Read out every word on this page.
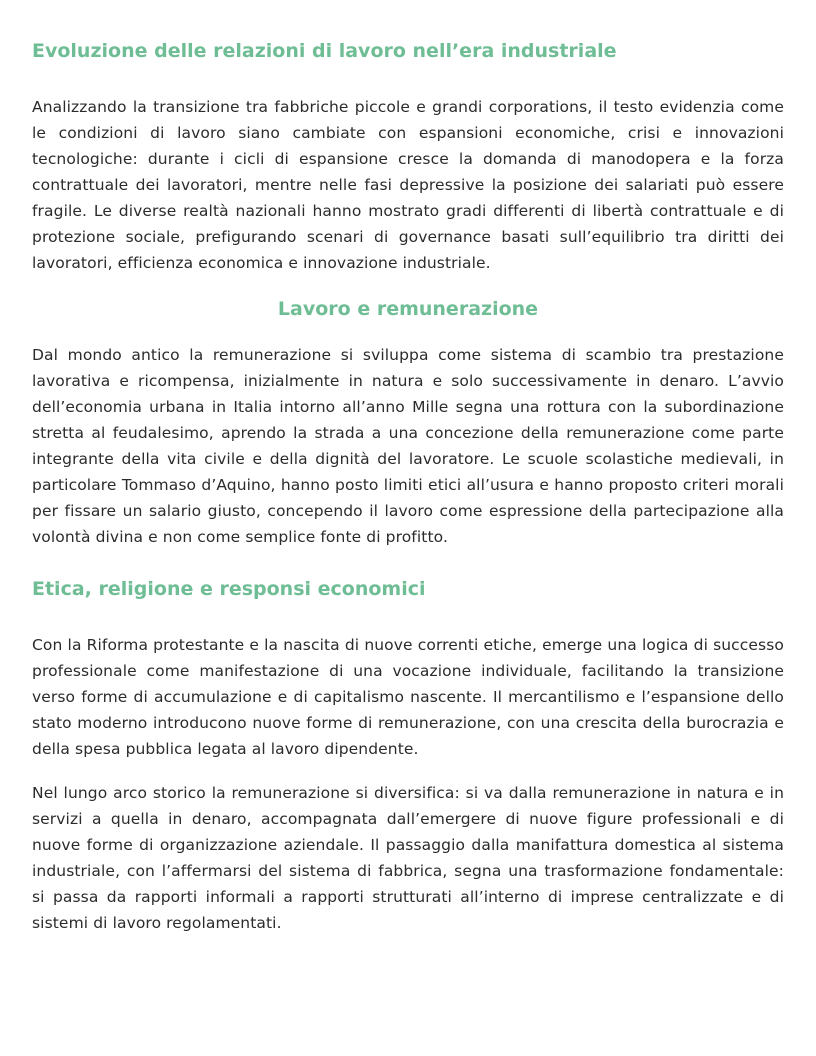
Evoluzione delle relazioni di lavoro nell’era industriale

Analizzando la transizione tra fabbriche piccole e grandi corporations, il testo evidenzia come le condizioni di lavoro siano cambiate con espansioni economiche, crisi e innovazioni tecnologiche: durante i cicli di espansione cresce la domanda di manodopera e la forza contrattuale dei lavoratori, mentre nelle fasi depressive la posizione dei salariati può essere fragile. Le diverse realtà nazionali hanno mostrato gradi differenti di libertà contrattuale e di protezione sociale, prefigurando scenari di governance basati sull’equilibrio tra diritti dei lavoratori, efficienza economica e innovazione industriale.

Lavoro e remunerazione

Dal mondo antico la remunerazione si sviluppa come sistema di scambio tra prestazione lavorativa e ricompensa, inizialmente in natura e solo successivamente in denaro. L’avvio dell’economia urbana in Italia intorno all’anno Mille segna una rottura con la subordinazione stretta al feudalesimo, aprendo la strada a una concezione della remunerazione come parte integrante della vita civile e della dignità del lavoratore. Le scuole scolastiche medievali, in particolare Tommaso d’Aquino, hanno posto limiti etici all’usura e hanno proposto criteri morali per fissare un salario giusto, concependo il lavoro come espressione della partecipazione alla volontà divina e non come semplice fonte di profitto.

Etica, religione e responsi economici

Con la Riforma protestante e la nascita di nuove correnti etiche, emerge una logica di successo professionale come manifestazione di una vocazione individuale, facilitando la transizione verso forme di accumulazione e di capitalismo nascente. Il mercantilismo e l’espansione dello stato moderno introducono nuove forme di remunerazione, con una crescita della burocrazia e della spesa pubblica legata al lavoro dipendente.

Nel lungo arco storico la remunerazione si diversifica: si va dalla remunerazione in natura e in servizi a quella in denaro, accompagnata dall’emergere di nuove figure professionali e di nuove forme di organizzazione aziendale. Il passaggio dalla manifattura domestica al sistema industriale, con l’affermarsi del sistema di fabbrica, segna una trasformazione fondamentale: si passa da rapporti informali a rapporti strutturati all’interno di imprese centralizzate e di sistemi di lavoro regolamentati.
